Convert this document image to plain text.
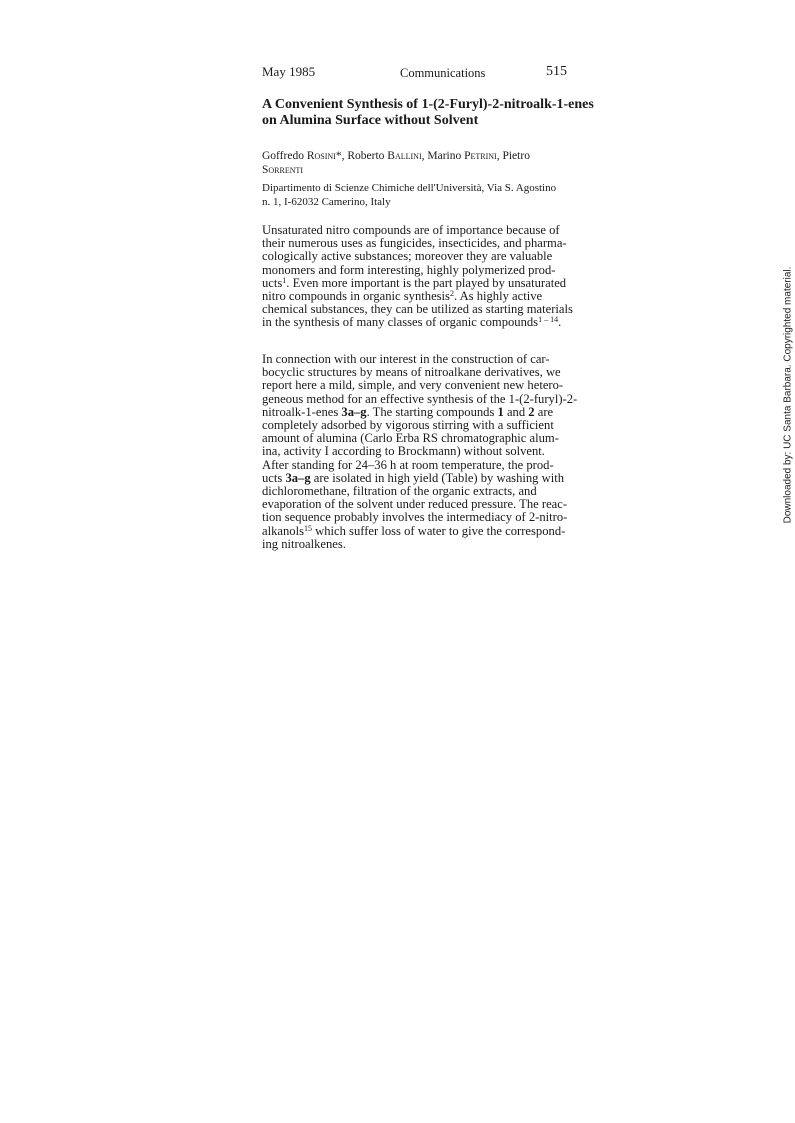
May 1985	Communications	515
A Convenient Synthesis of 1-(2-Furyl)-2-nitroalk-1-enes
on Alumina Surface without Solvent
Goffredo Rosini*, Roberto Ballini, Marino Petrini, Pietro
Sorrenti
Dipartimento di Scienze Chimiche dell'Università, Via S. Agostino
n. 1, I-62032 Camerino, Italy
Unsaturated nitro compounds are of importance because of
their numerous uses as fungicides, insecticides, and pharma-
cologically active substances; moreover they are valuable
monomers and form interesting, highly polymerized prod-
ucts$^1$. Even more important is the part played by unsaturated
nitro compounds in organic synthesis$^2$. As highly active
chemical substances, they can be utilized as starting materials
in the synthesis of many classes of organic compounds$^{1 - 14}$.
In connection with our interest in the construction of car-
bocyclic structures by means of nitroalkane derivatives, we
report here a mild, simple, and very convenient new hetero-
geneous method for an effective synthesis of the 1-(2-furyl)-2-
nitroalk-1-enes 3a–g. The starting compounds 1 and 2 are
completely adsorbed by vigorous stirring with a sufficient
amount of alumina (Carlo Erba RS chromatographic alum-
ina, activity I according to Brockmann) without solvent.
After standing for 24–36 h at room temperature, the prod-
ucts 3a–g are isolated in high yield (Table) by washing with
dichloromethane, filtration of the organic extracts, and
evaporation of the solvent under reduced pressure. The reac-
tion sequence probably involves the intermediacy of 2-nitro-
alkanols$^{15}$ which suffer loss of water to give the correspond-
ing nitroalkenes.
Downloaded by: UC Santa Barbara. Copyrighted material.
